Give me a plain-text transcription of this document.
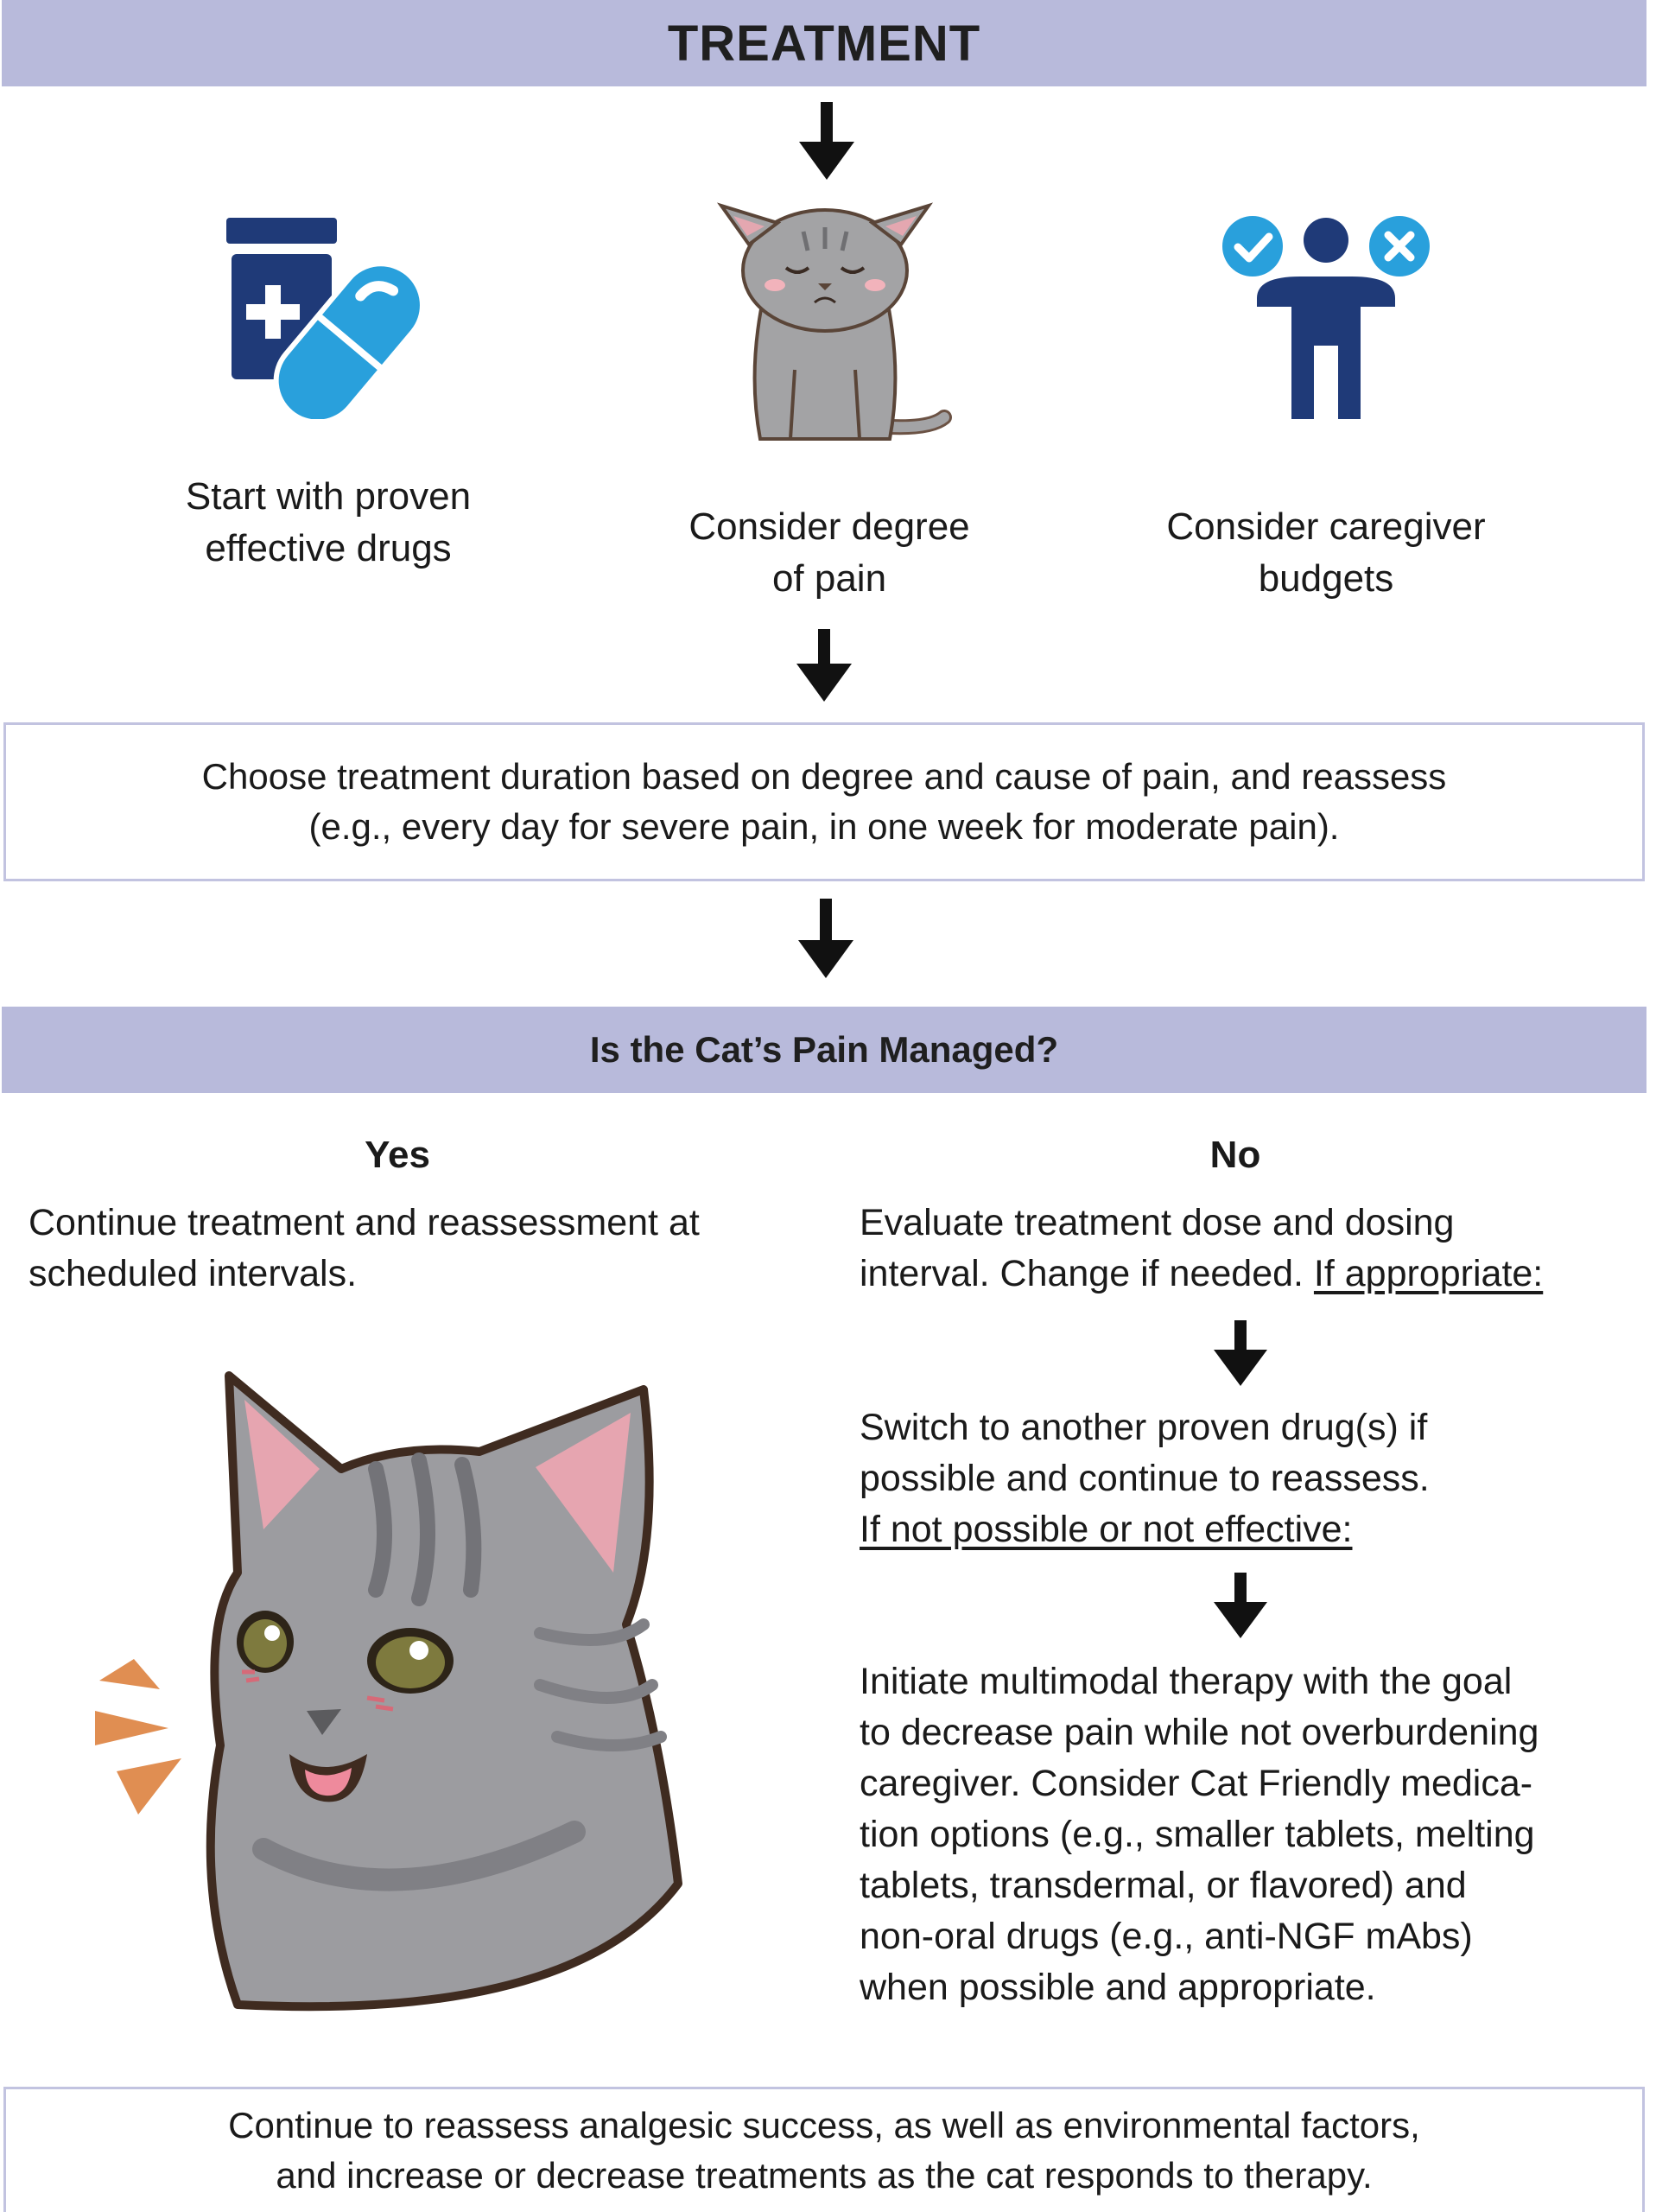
TREATMENT
Start with proven
effective drugs
Consider degree
of pain
Consider caregiver
budgets
Choose treatment duration based on degree and cause of pain, and reassess
(e.g., every day for severe pain, in one week for moderate pain).
Is the Cat’s Pain Managed?
Yes
Continue treatment and reassessment at
scheduled intervals.
No
Evaluate treatment dose and dosing
interval. Change if needed. If appropriate:
Switch to another proven drug(s) if
possible and continue to reassess.
If not possible or not effective:
Initiate multimodal therapy with the goal
to decrease pain while not overburdening
caregiver. Consider Cat Friendly medica-
tion options (e.g., smaller tablets, melting
tablets, transdermal, or flavored) and
non-oral drugs (e.g., anti-NGF mAbs)
when possible and appropriate.
Continue to reassess analgesic success, as well as environmental factors,
and increase or decrease treatments as the cat responds to therapy.
